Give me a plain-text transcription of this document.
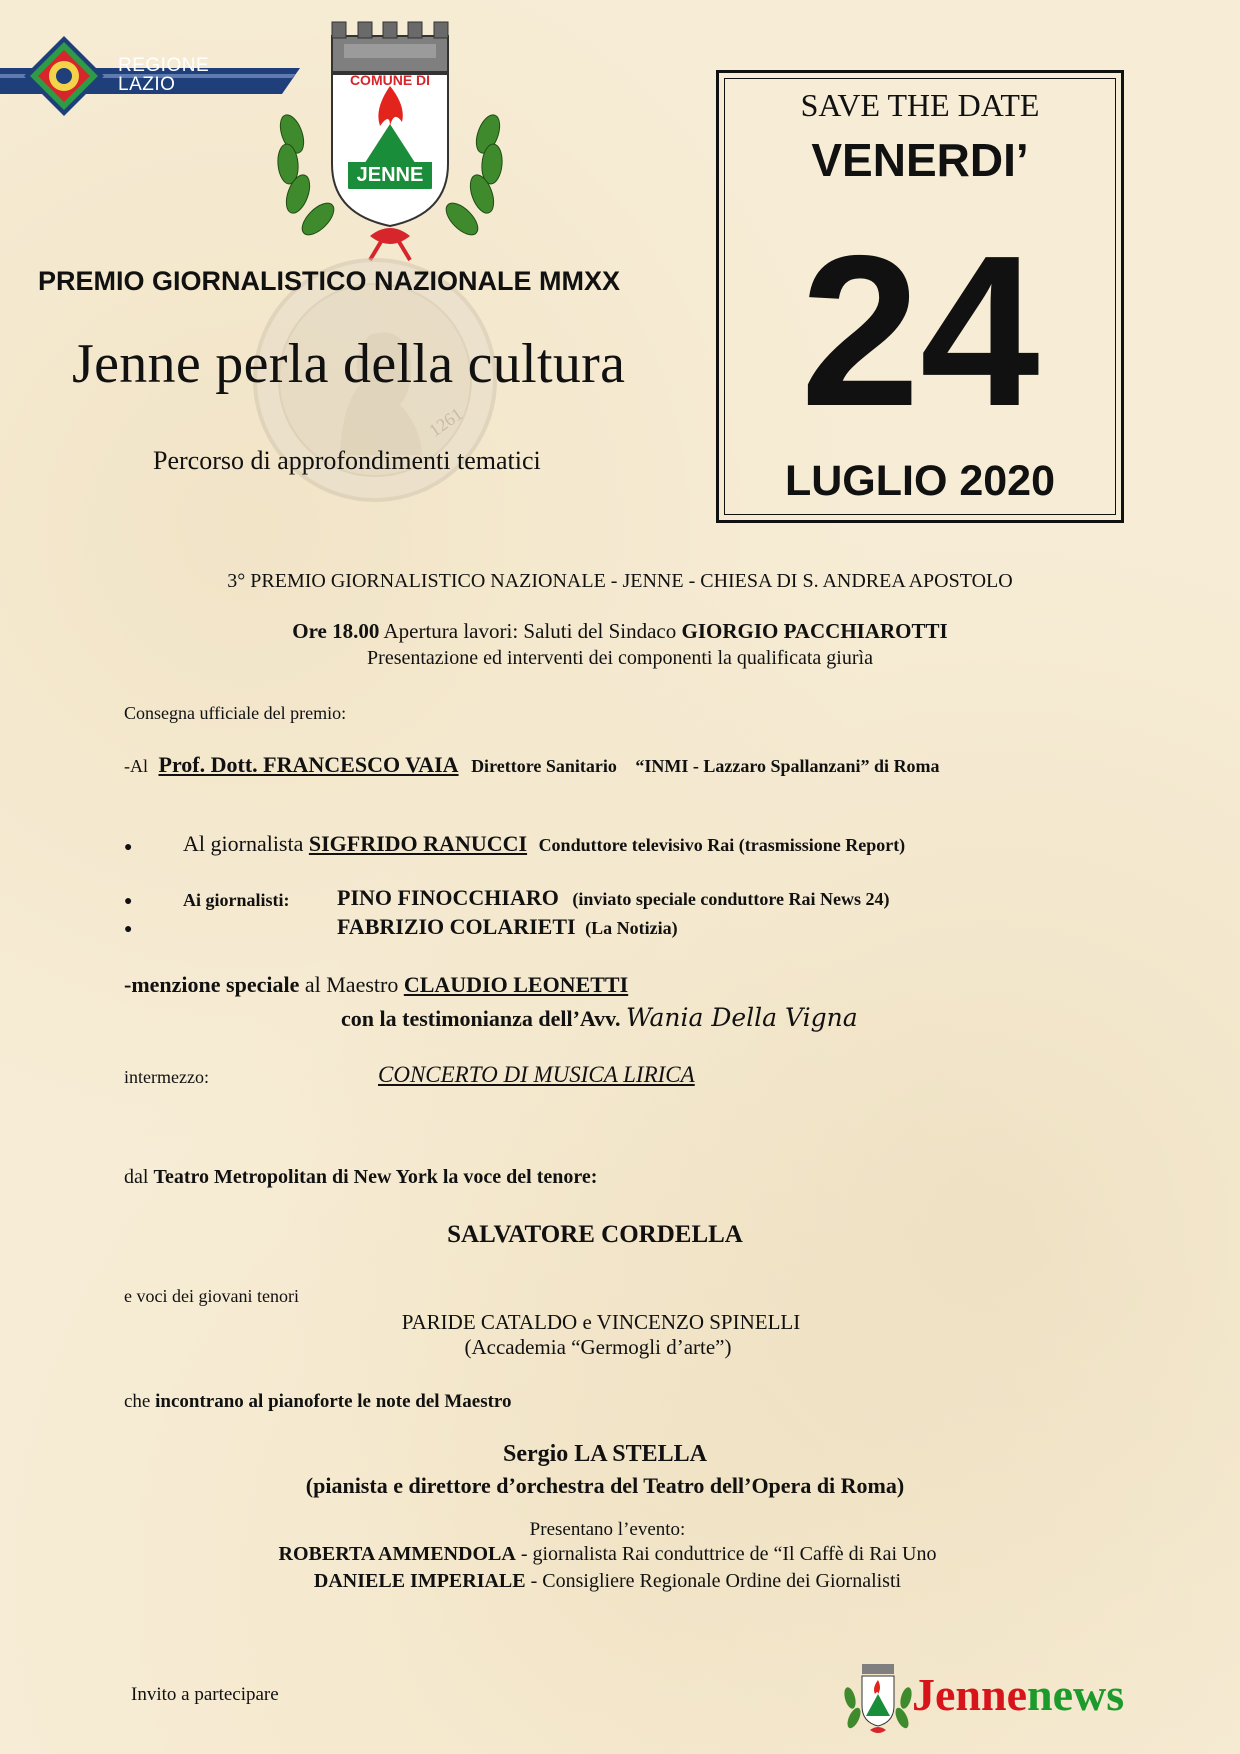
REGIONE
LAZIO	COMUNE DI
JENNE
1261
PREMIO GIORNALISTICO NAZIONALE MMXX
Jenne perla della cultura
Percorso di approfondimenti tematici
SAVE THE DATE
VENERDI’
24
LUGLIO 2020
3° PREMIO GIORNALISTICO NAZIONALE - JENNE - CHIESA DI S. ANDREA APOSTOLO
Ore 18.00 Apertura lavori: Saluti del Sindaco GIORGIO PACCHIAROTTI
Presentazione ed interventi dei componenti la qualificata giurìa
Consegna ufficiale del premio:
-Al Prof. Dott. FRANCESCO VAIA Direttore Sanitario “INMI - Lazzaro Spallanzani” di Roma
● Al giornalista SIGFRIDO RANUCCI Conduttore televisivo Rai (trasmissione Report)
●	Ai giornalisti: PINO FINOCCHIARO (inviato speciale conduttore Rai News 24)
●	FABRIZIO COLARIETI (La Notizia)
-menzione speciale al Maestro CLAUDIO LEONETTI
con la testimonianza dell’Avv. Wania Della Vigna
intermezzo:	CONCERTO DI MUSICA LIRICA
dal Teatro Metropolitan di New York la voce del tenore:
SALVATORE CORDELLA
e voci dei giovani tenori
PARIDE CATALDO e VINCENZO SPINELLI
(Accademia “Germogli d’arte”)
che incontrano al pianoforte le note del Maestro
Sergio LA STELLA
(pianista e direttore d’orchestra del Teatro dell’Opera di Roma)
Presentano l’evento:
ROBERTA AMMENDOLA - giornalista Rai conduttrice de “Il Caffè di Rai Uno
DANIELE IMPERIALE - Consigliere Regionale Ordine dei Giornalisti
Invito a partecipare	Jennenews
